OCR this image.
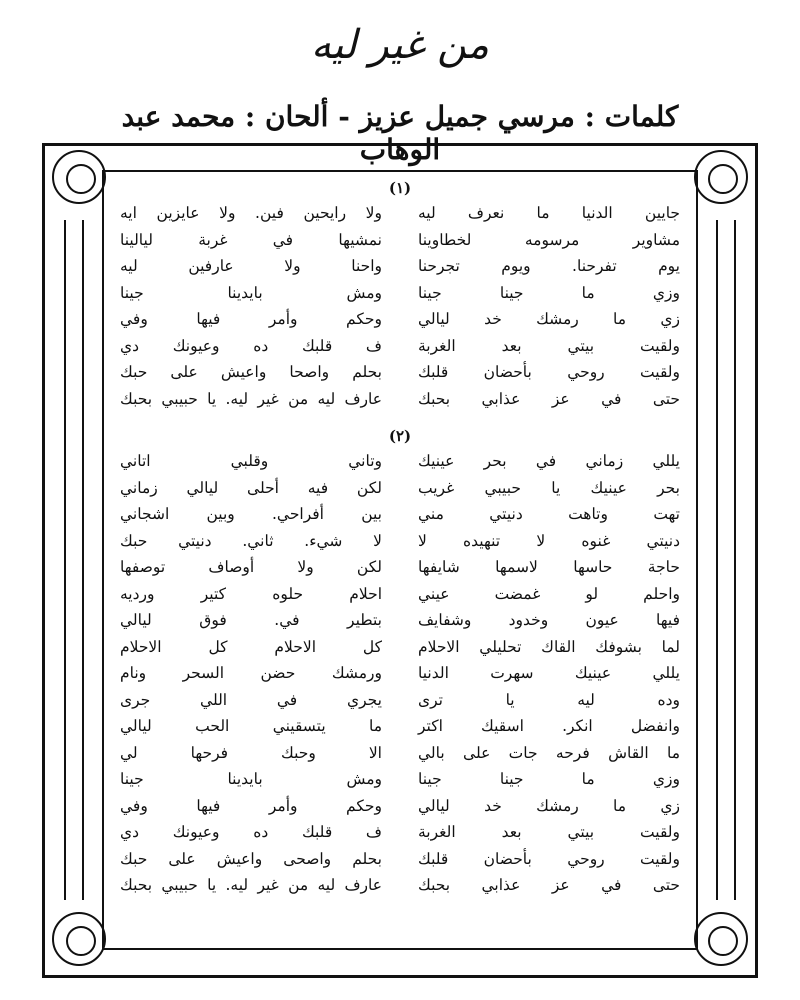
من غير ليه
كلمات : مرسي جميل عزيز - ألحان : محمد عبد الوهاب
(١)
جايين الدنيا ما نعرف ليه
ولا رايحين فين. ولا عايزين ايه
مشاوير مرسومه لخطاوينا
نمشيها في غربة ليالينا
يوم تفرحنا. ويوم تجرحنا
واحنا ولا عارفين ليه
وزي ما جينا جينا
ومش بايدينا جينا
زي ما رمشك خد ليالي
وحكم وأمر فيها وفي
ولقيت بيتي بعد الغربة
ف قلبك ده وعيونك دي
ولقيت روحي بأحضان قلبك
بحلم واصحا واعيش على حبك
حتى في عز عذابي بحبك
عارف ليه من غير ليه. يا حبيبي بحبك
(٢)
يللي زماني في بحر عينيك
وتاني وقلبي اتاني
بحر عينيك يا حبيبي غريب
لكن فيه أحلى ليالي زماني
تهت وتاهت دنيتي مني
بين أفراحي. وبين اشجاني
دنيتي غنوه لا تنهيده لا
لا شيء. ثاني. دنيتي حبك
حاجة حاسها لاسمها شايفها
لكن ولا أوصاف توصفها
واحلم لو غمضت عيني
احلام حلوه كتير ورديه
فيها عيون وخدود وشفايف
بتطير في. فوق ليالي
لما بشوفك القاك تحليلي الاحلام
كل الاحلام كل الاحلام
يللي عينيك سهرت الدنيا
ورمشك حضن السحر ونام
وده ليه يا ترى
يجري في اللي جرى
وانفضل انكر. اسقيك اكتر
ما يتسقيني الحب ليالي
ما القاش فرحه جات على بالي
الا وحبك فرحها لي
وزي ما جينا جينا
ومش بايدينا جينا
زي ما رمشك خد ليالي
وحكم وأمر فيها وفي
ولقيت بيتي بعد الغربة
ف قلبك ده وعيونك دي
ولقيت روحي بأحضان قلبك
بحلم واصحى واعيش على حبك
حتى في عز عذابي بحبك
عارف ليه من غير ليه. يا حبيبي بحبك
